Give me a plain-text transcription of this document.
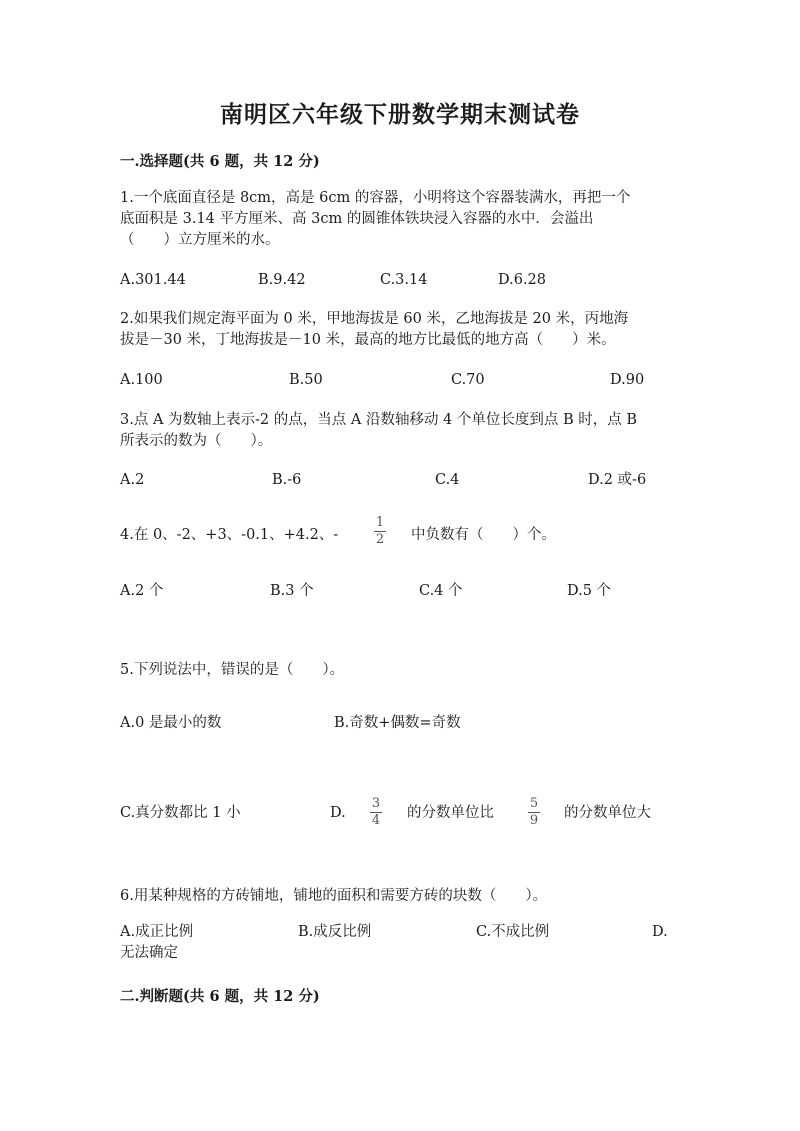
南明区六年级下册数学期末测试卷
一.选择题(共 6 题，共 12 分)
1.一个底面直径是 8cm，高是 6cm 的容器，小明将这个容器装满水，再把一个
底面积是 3.14 平方厘米、高 3cm 的圆锥体铁块浸入容器的水中．会溢出
（　　）立方厘米的水。
A.301.44	B.9.42	C.3.14	D.6.28
2.如果我们规定海平面为 0 米，甲地海拔是 60 米，乙地海拔是 20 米，丙地海
拔是－30 米，丁地海拔是－10 米，最高的地方比最低的地方高（　　）米。
A.100	B.50	C.70	D.90
3.点 A 为数轴上表示-2 的点，当点 A 沿数轴移动 4 个单位长度到点 B 时，点 B
所表示的数为（　　）。
A.2	B.-6	C.4	D.2 或-6
4.在 0、-2、+3、-0.1、+4.2、-
1
2 中负数有（　　）个。
A.2 个	B.3 个	C.4 个	D.5 个
5.下列说法中，错误的是（　　）。
A.0 是最小的数	B.奇数+偶数=奇数
C.真分数都比 1 小	D.
3
4 的分数单位比
5
9 的分数单位大
6.用某种规格的方砖铺地，铺地的面积和需要方砖的块数（　　）。
A.成正比例	B.成反比例	C.不成比例	D.
无法确定
二.判断题(共 6 题，共 12 分)
